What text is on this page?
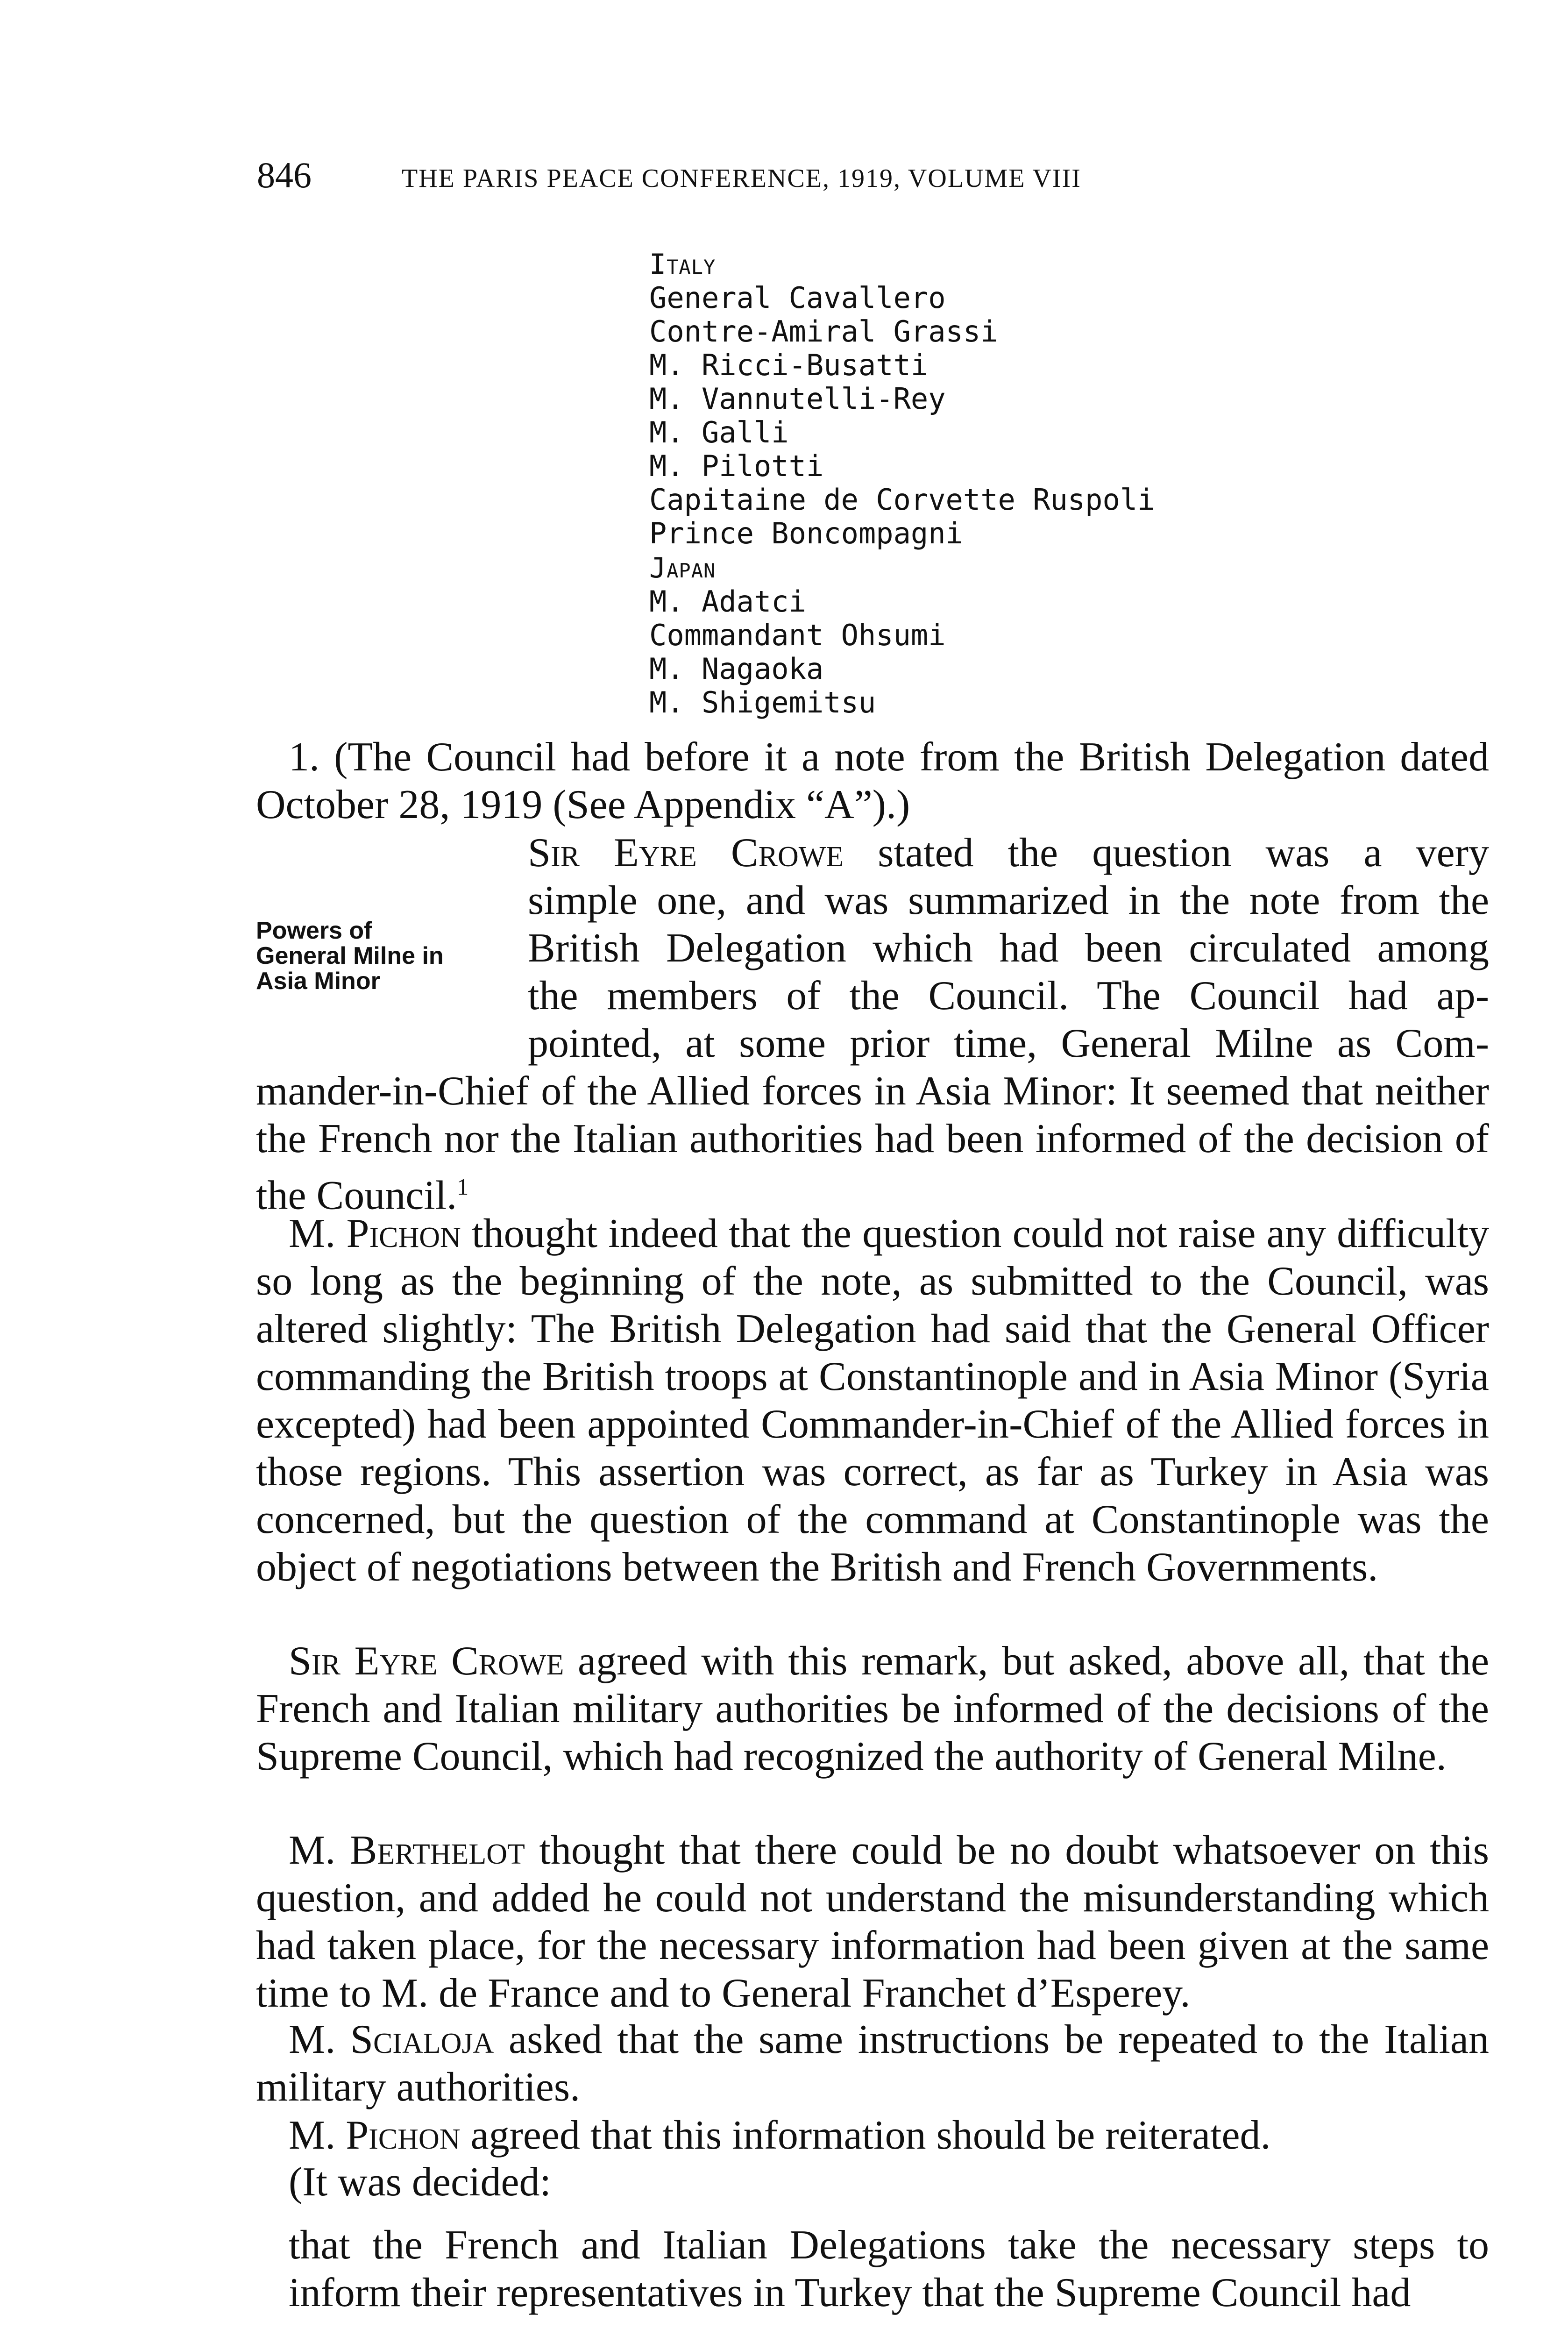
846	THE PARIS PEACE CONFERENCE, 1919, VOLUME VIII
Italy
General Cavallero
Contre-Amiral Grassi
M. Ricci-Busatti
M. Vannutelli-Rey
M. Galli
M. Pilotti
Capitaine de Corvette Ruspoli
Prince Boncompagni
Japan
M. Adatci
Commandant Ohsumi
M. Nagaoka
M. Shigemitsu
1. (The Council had before it a note from the British Delegation dated October 28, 1919 (See Appendix “A”).)
Powers of General Milne in Asia Minor
Sir Eyre Crowe stated the question was a very
simple one, and was summarized in the note from the
British Delegation which had been circulated among
the members of the Council. The Council had ap-
pointed, at some prior time, General Milne as Com-
mander-in-Chief of the Allied forces in Asia Minor: It seemed that neither the French nor the Italian authorities had been informed of the decision of the Council.$^1$
M. Pichon thought indeed that the question could not raise any difficulty so long as the beginning of the note, as submitted to the Council, was altered slightly: The British Delegation had said that the General Officer commanding the British troops at Constantinople and in Asia Minor (Syria excepted) had been appointed Commander-in-Chief of the Allied forces in those regions. This assertion was correct, as far as Turkey in Asia was concerned, but the question of the command at Constantinople was the object of negotiations between the British and French Governments.
Sir Eyre Crowe agreed with this remark, but asked, above all, that the French and Italian military authorities be informed of the decisions of the Supreme Council, which had recognized the authority of General Milne.
M. Berthelot thought that there could be no doubt whatsoever on this question, and added he could not understand the misunderstanding which had taken place, for the necessary information had been given at the same time to M. de France and to General Franchet d’Esperey.
M. Scialoja asked that the same instructions be repeated to the Italian military authorities.
M. Pichon agreed that this information should be reiterated.
(It was decided:
that the French and Italian Delegations take the necessary steps to inform their representatives in Turkey that the Supreme Council had
